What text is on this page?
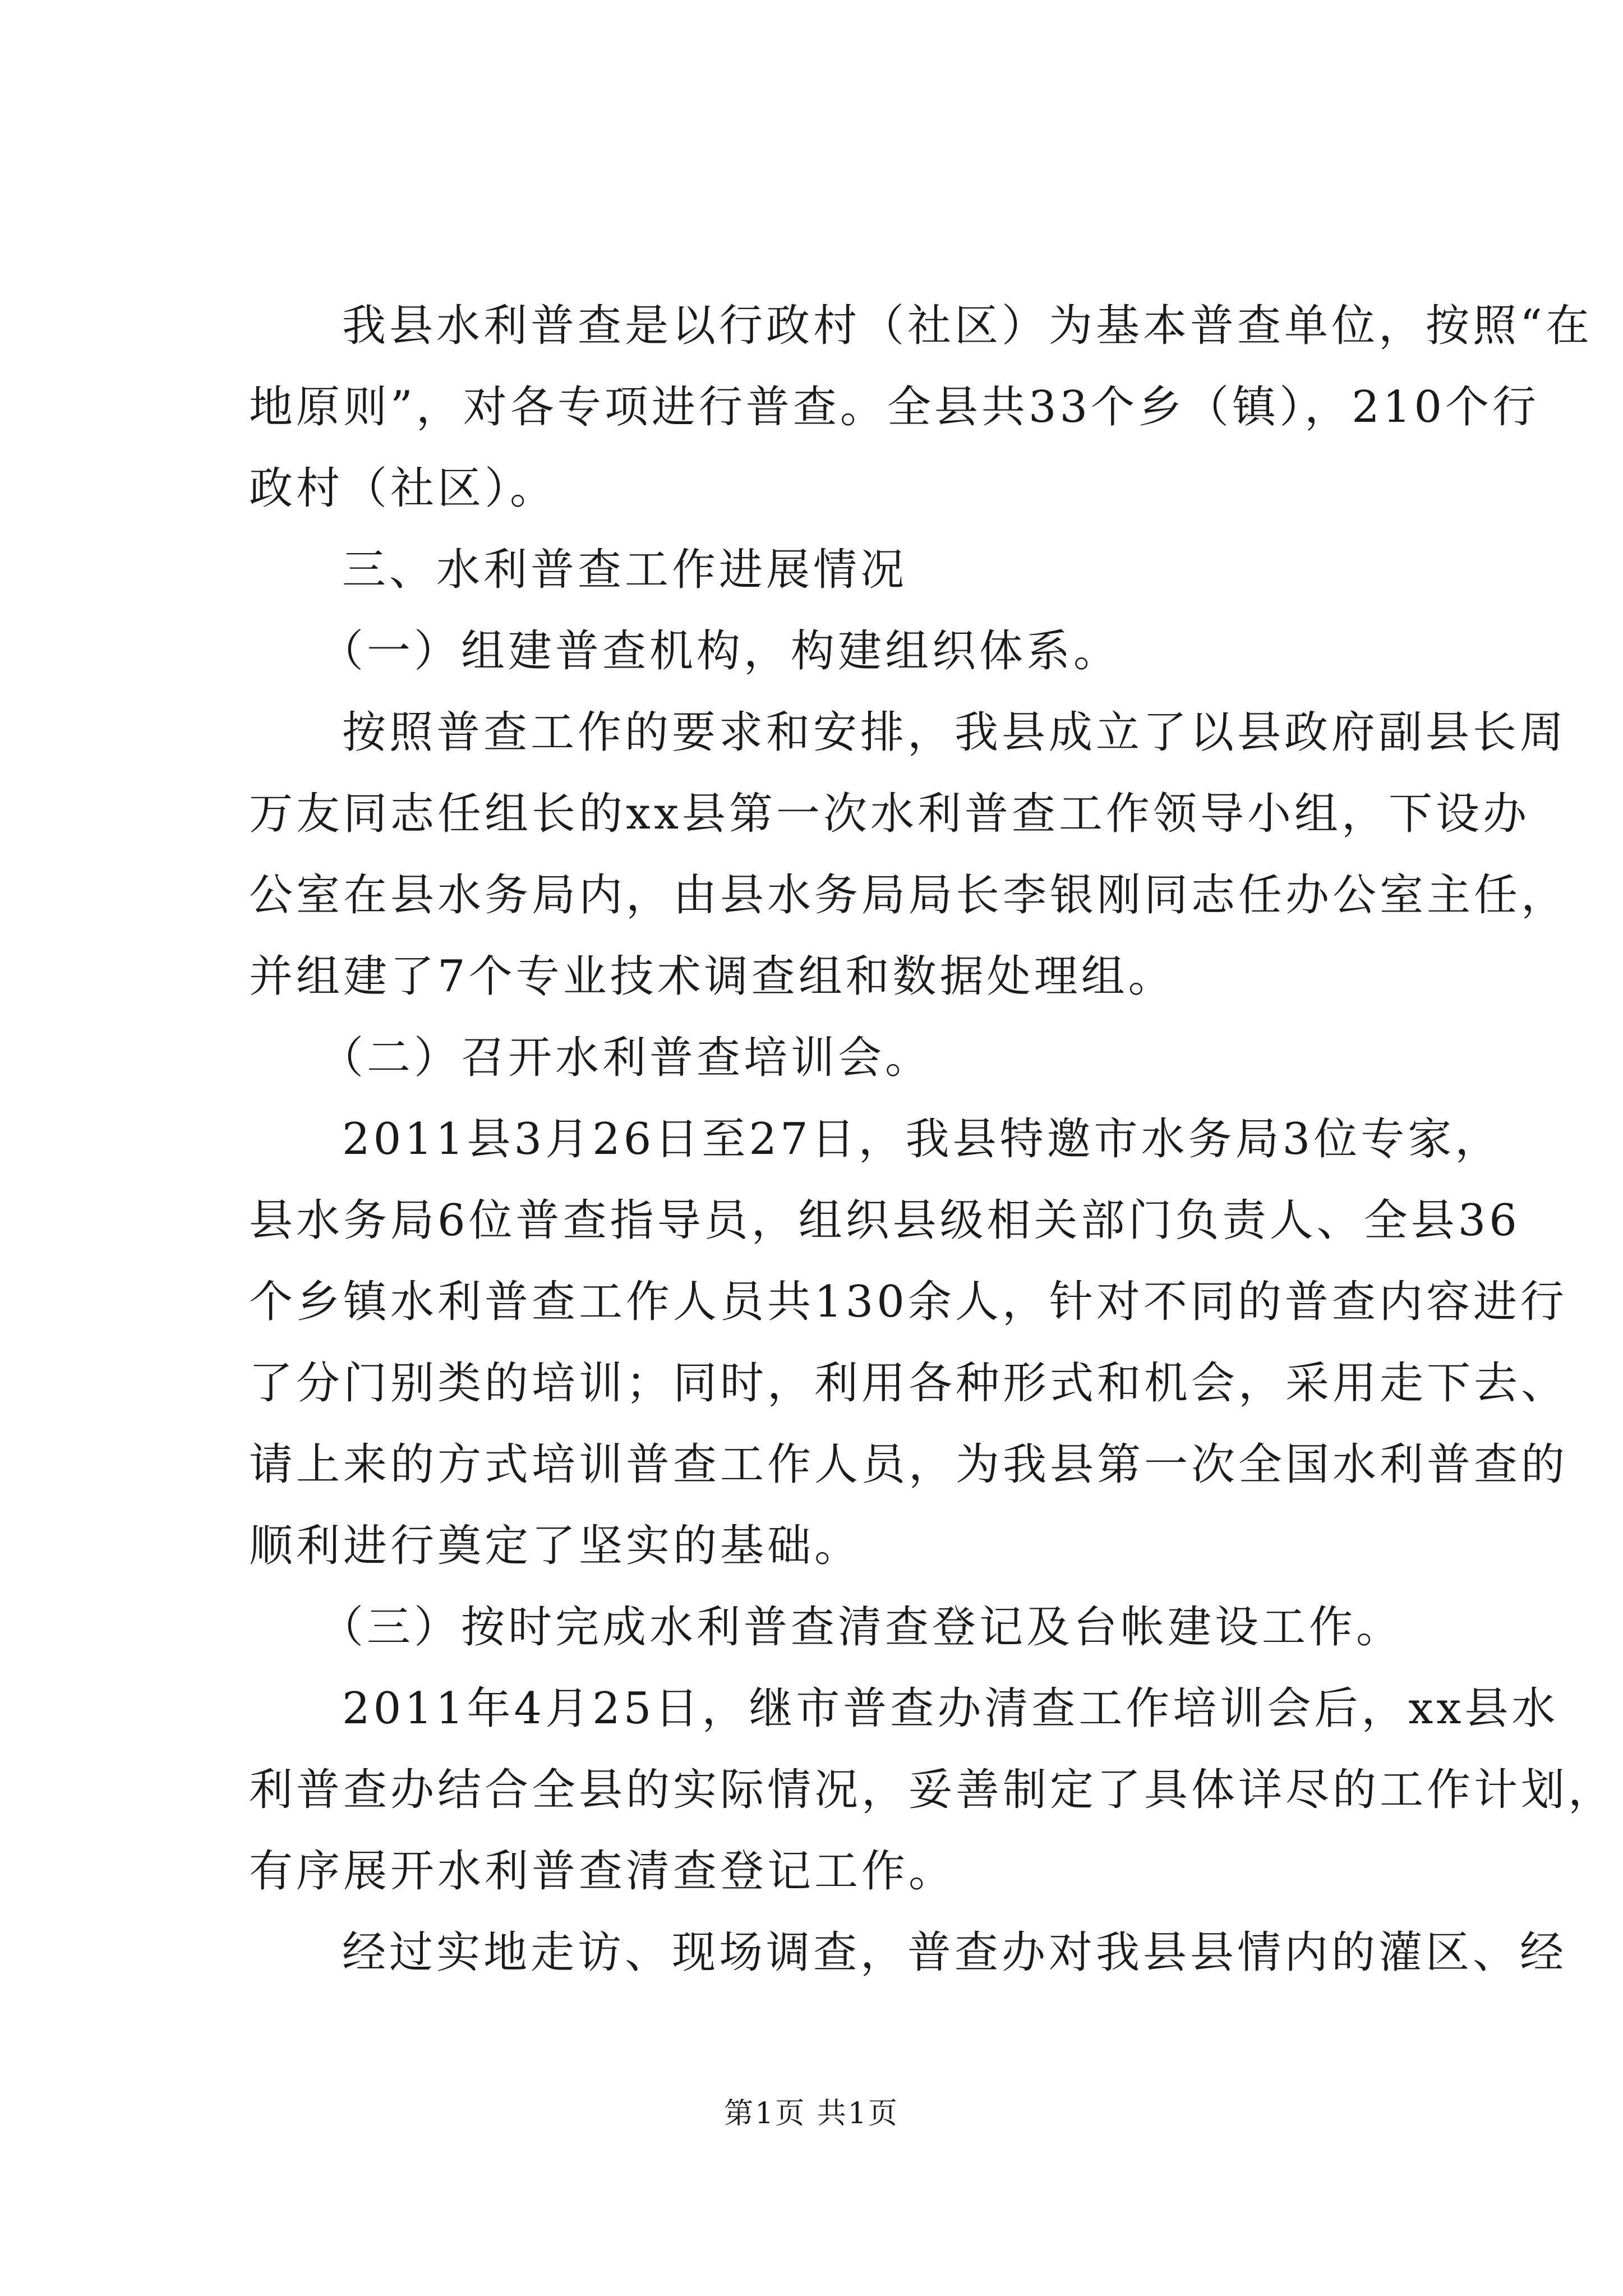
我县水利普查是以行政村（社区）为基本普查单位，按照“在
地原则”，对各专项进行普查。全县共33个乡（镇），210个行
政村（社区）。
三、水利普查工作进展情况
（一）组建普查机构，构建组织体系。
按照普查工作的要求和安排，我县成立了以县政府副县长周
万友同志任组长的xx县第一次水利普查工作领导小组，下设办
公室在县水务局内，由县水务局局长李银刚同志任办公室主任，
并组建了7个专业技术调查组和数据处理组。
（二）召开水利普查培训会。
2011县3月26日至27日，我县特邀市水务局3位专家，
县水务局6位普查指导员，组织县级相关部门负责人、全县36
个乡镇水利普查工作人员共130余人，针对不同的普查内容进行
了分门别类的培训；同时，利用各种形式和机会，采用走下去、
请上来的方式培训普查工作人员，为我县第一次全国水利普查的
顺利进行奠定了坚实的基础。
（三）按时完成水利普查清查登记及台帐建设工作。
2011年4月25日，继市普查办清查工作培训会后，xx县水
利普查办结合全县的实际情况，妥善制定了具体详尽的工作计划，
有序展开水利普查清查登记工作。
经过实地走访、现场调查，普查办对我县县情内的灌区、经
第1页 共1页
